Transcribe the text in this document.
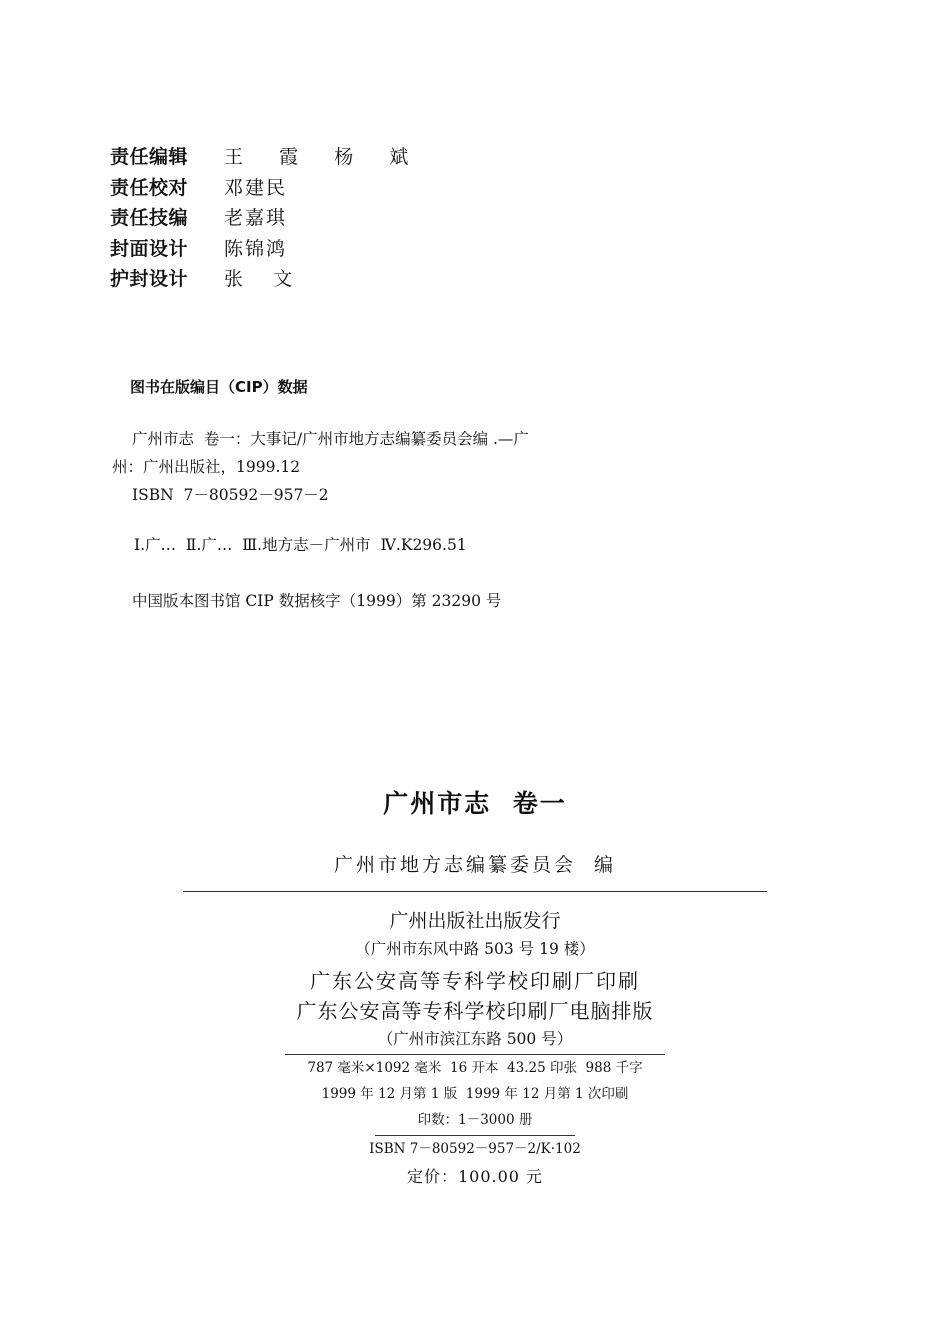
责任编辑 王  霞  杨  斌
责任校对 邓建民
责任技编 老嘉琪
封面设计 陈锦鸿
护封设计 张  文
图书在版编目（CIP）数据
广州市志  卷一：大事记/广州市地方志编纂委员会编 .—广
州：广州出版社，1999.12
ISBN  7－80592－957－2
Ⅰ.广…  Ⅱ.广…  Ⅲ.地方志－广州市  Ⅳ.K296.51
中国版本图书馆 CIP 数据核字（1999）第 23290 号
广州市志  卷一
广州市地方志编纂委员会  编
广州出版社出版发行
（广州市东风中路 503 号 19 楼）
广东公安高等专科学校印刷厂印刷
广东公安高等专科学校印刷厂电脑排版
（广州市滨江东路 500 号）
787 毫米×1092 毫米  16 开本  43.25 印张  988 千字
1999 年 12 月第 1 版  1999 年 12 月第 1 次印刷
印数：1－3000 册
ISBN 7－80592－957－2/K·102
定价：100.00 元
